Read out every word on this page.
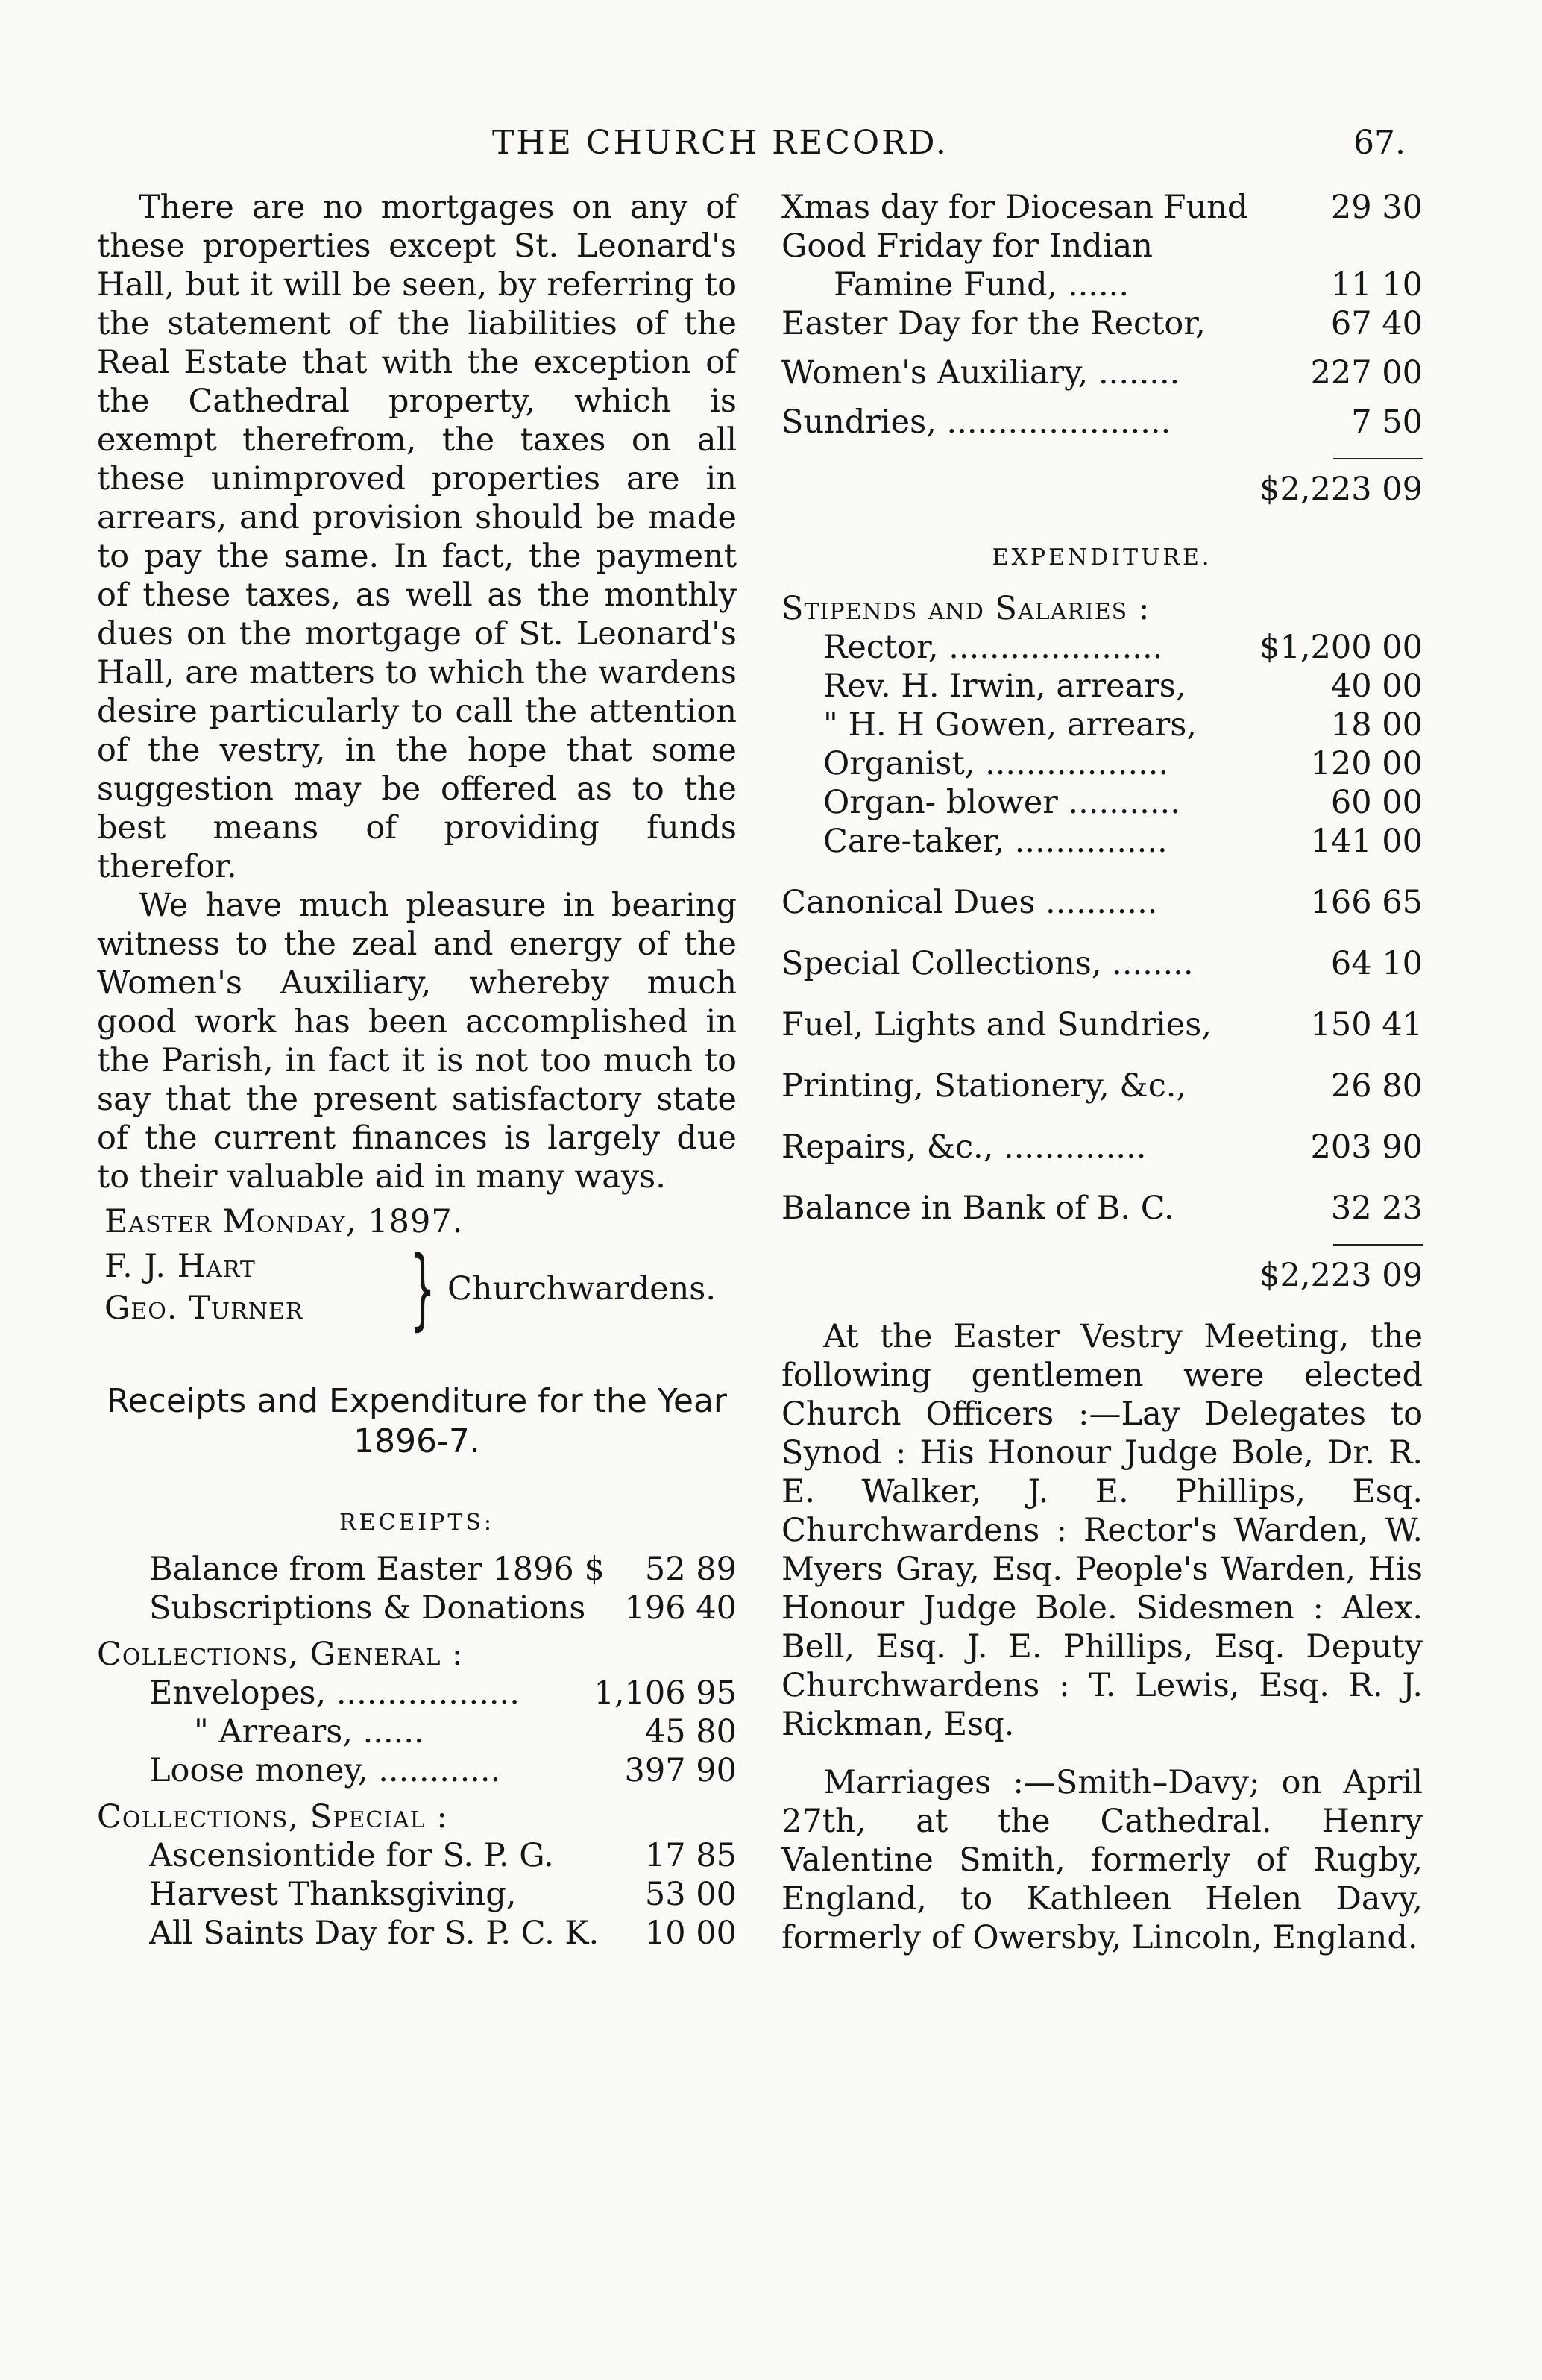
THE CHURCH RECORD.	67.

There are no mortgages on any of these properties except St. Leonard's Hall, but it will be seen, by referring to the statement of the liabilities of the Real Estate that with the exception of the Cathedral property, which is exempt therefrom, the taxes on all these unimproved properties are in arrears, and provision should be made to pay the same. In fact, the payment of these taxes, as well as the monthly dues on the mortgage of St. Leonard's Hall, are matters to which the wardens desire particularly to call the attention of the vestry, in the hope that some suggestion may be offered as to the best means of providing funds therefor.

We have much pleasure in bearing witness to the zeal and energy of the Women's Auxiliary, whereby much good work has been accomplished in the Parish, in fact it is not too much to say that the present satisfactory state of the current finances is largely due to their valuable aid in many ways.

Easter Monday, 1897.

F. J. Hart
Geo. Turner } Churchwardens.
Receipts and Expenditure for the Year 1896-7.
RECEIPTS:
Balance from Easter 1896 $	52 89
Subscriptions & Donations	196 40

Collections, General :

Envelopes, ..................	1,106 95
" Arrears, ......	45 80
Loose money, ............	397 90

Collections, Special :

Ascensiontide for S. P. G.	17 85
Harvest Thanksgiving,	53 00
All Saints Day for S. P. C. K.	10 00
Xmas day for Diocesan Fund	29 30
Good Friday for Indian
Famine Fund, ......	11 10
Easter Day for the Rector,	67 40
Women's Auxiliary, ........	227 00
Sundries, ......................	7 50
$2,223 09
EXPENDITURE.

Stipends and Salaries :

Rector, .....................	$1,200 00
Rev. H. Irwin, arrears,	40 00
" H. H Gowen, arrears,	18 00
Organist, ..................	120 00
Organ- blower ...........	60 00
Care-taker, ...............	141 00
Canonical Dues ...........	166 65
Special Collections, ........	64 10
Fuel, Lights and Sundries,	150 41
Printing, Stationery, &c.,	26 80
Repairs, &c., ..............	203 90
Balance in Bank of B. C.	32 23
$2,223 09

At the Easter Vestry Meeting, the following gentlemen were elected Church Officers :—Lay Delegates to Synod : His Honour Judge Bole, Dr. R. E. Walker, J. E. Phillips, Esq. Churchwardens : Rector's Warden, W. Myers Gray, Esq. People's Warden, His Honour Judge Bole. Sidesmen : Alex. Bell, Esq. J. E. Phillips, Esq. Deputy Churchwardens : T. Lewis, Esq. R. J. Rickman, Esq.

Marriages :—Smith–Davy; on April 27th, at the Cathedral. Henry Valentine Smith, formerly of Rugby, England, to Kathleen Helen Davy, formerly of Owersby, Lincoln, England.
